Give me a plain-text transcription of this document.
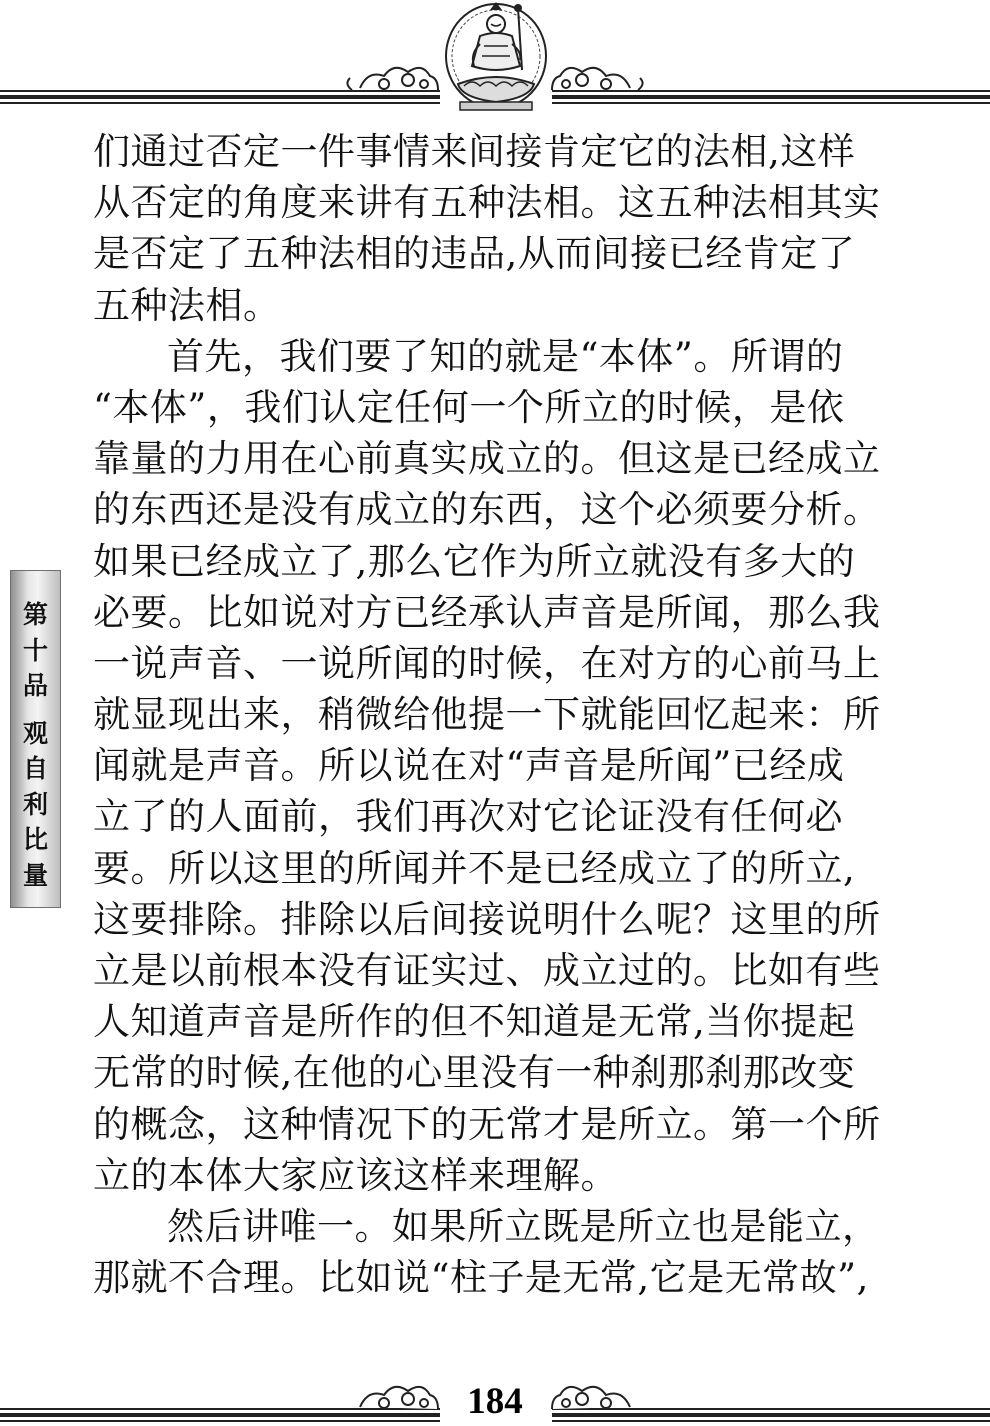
们通过否定一件事情来间接肯定它的法相,这样
从否定的角度来讲有五种法相。这五种法相其实
是否定了五种法相的违品,从而间接已经肯定了
五种法相。
首先，我们要了知的就是“本体”。所谓的
“本体”，我们认定任何一个所立的时候，是依
靠量的力用在心前真实成立的。但这是已经成立
的东西还是没有成立的东西，这个必须要分析。
如果已经成立了,那么它作为所立就没有多大的
必要。比如说对方已经承认声音是所闻，那么我
一说声音、一说所闻的时候，在对方的心前马上
就显现出来，稍微给他提一下就能回忆起来：所
闻就是声音。所以说在对“声音是所闻”已经成
立了的人面前，我们再次对它论证没有任何必
要。所以这里的所闻并不是已经成立了的所立,
这要排除。排除以后间接说明什么呢？这里的所
立是以前根本没有证实过、成立过的。比如有些
人知道声音是所作的但不知道是无常,当你提起
无常的时候,在他的心里没有一种刹那刹那改变
的概念，这种情况下的无常才是所立。第一个所
立的本体大家应该这样来理解。
然后讲唯一。如果所立既是所立也是能立，
那就不合理。比如说“柱子是无常,它是无常故”,
第
十
品
观
自
利
比
量
184
